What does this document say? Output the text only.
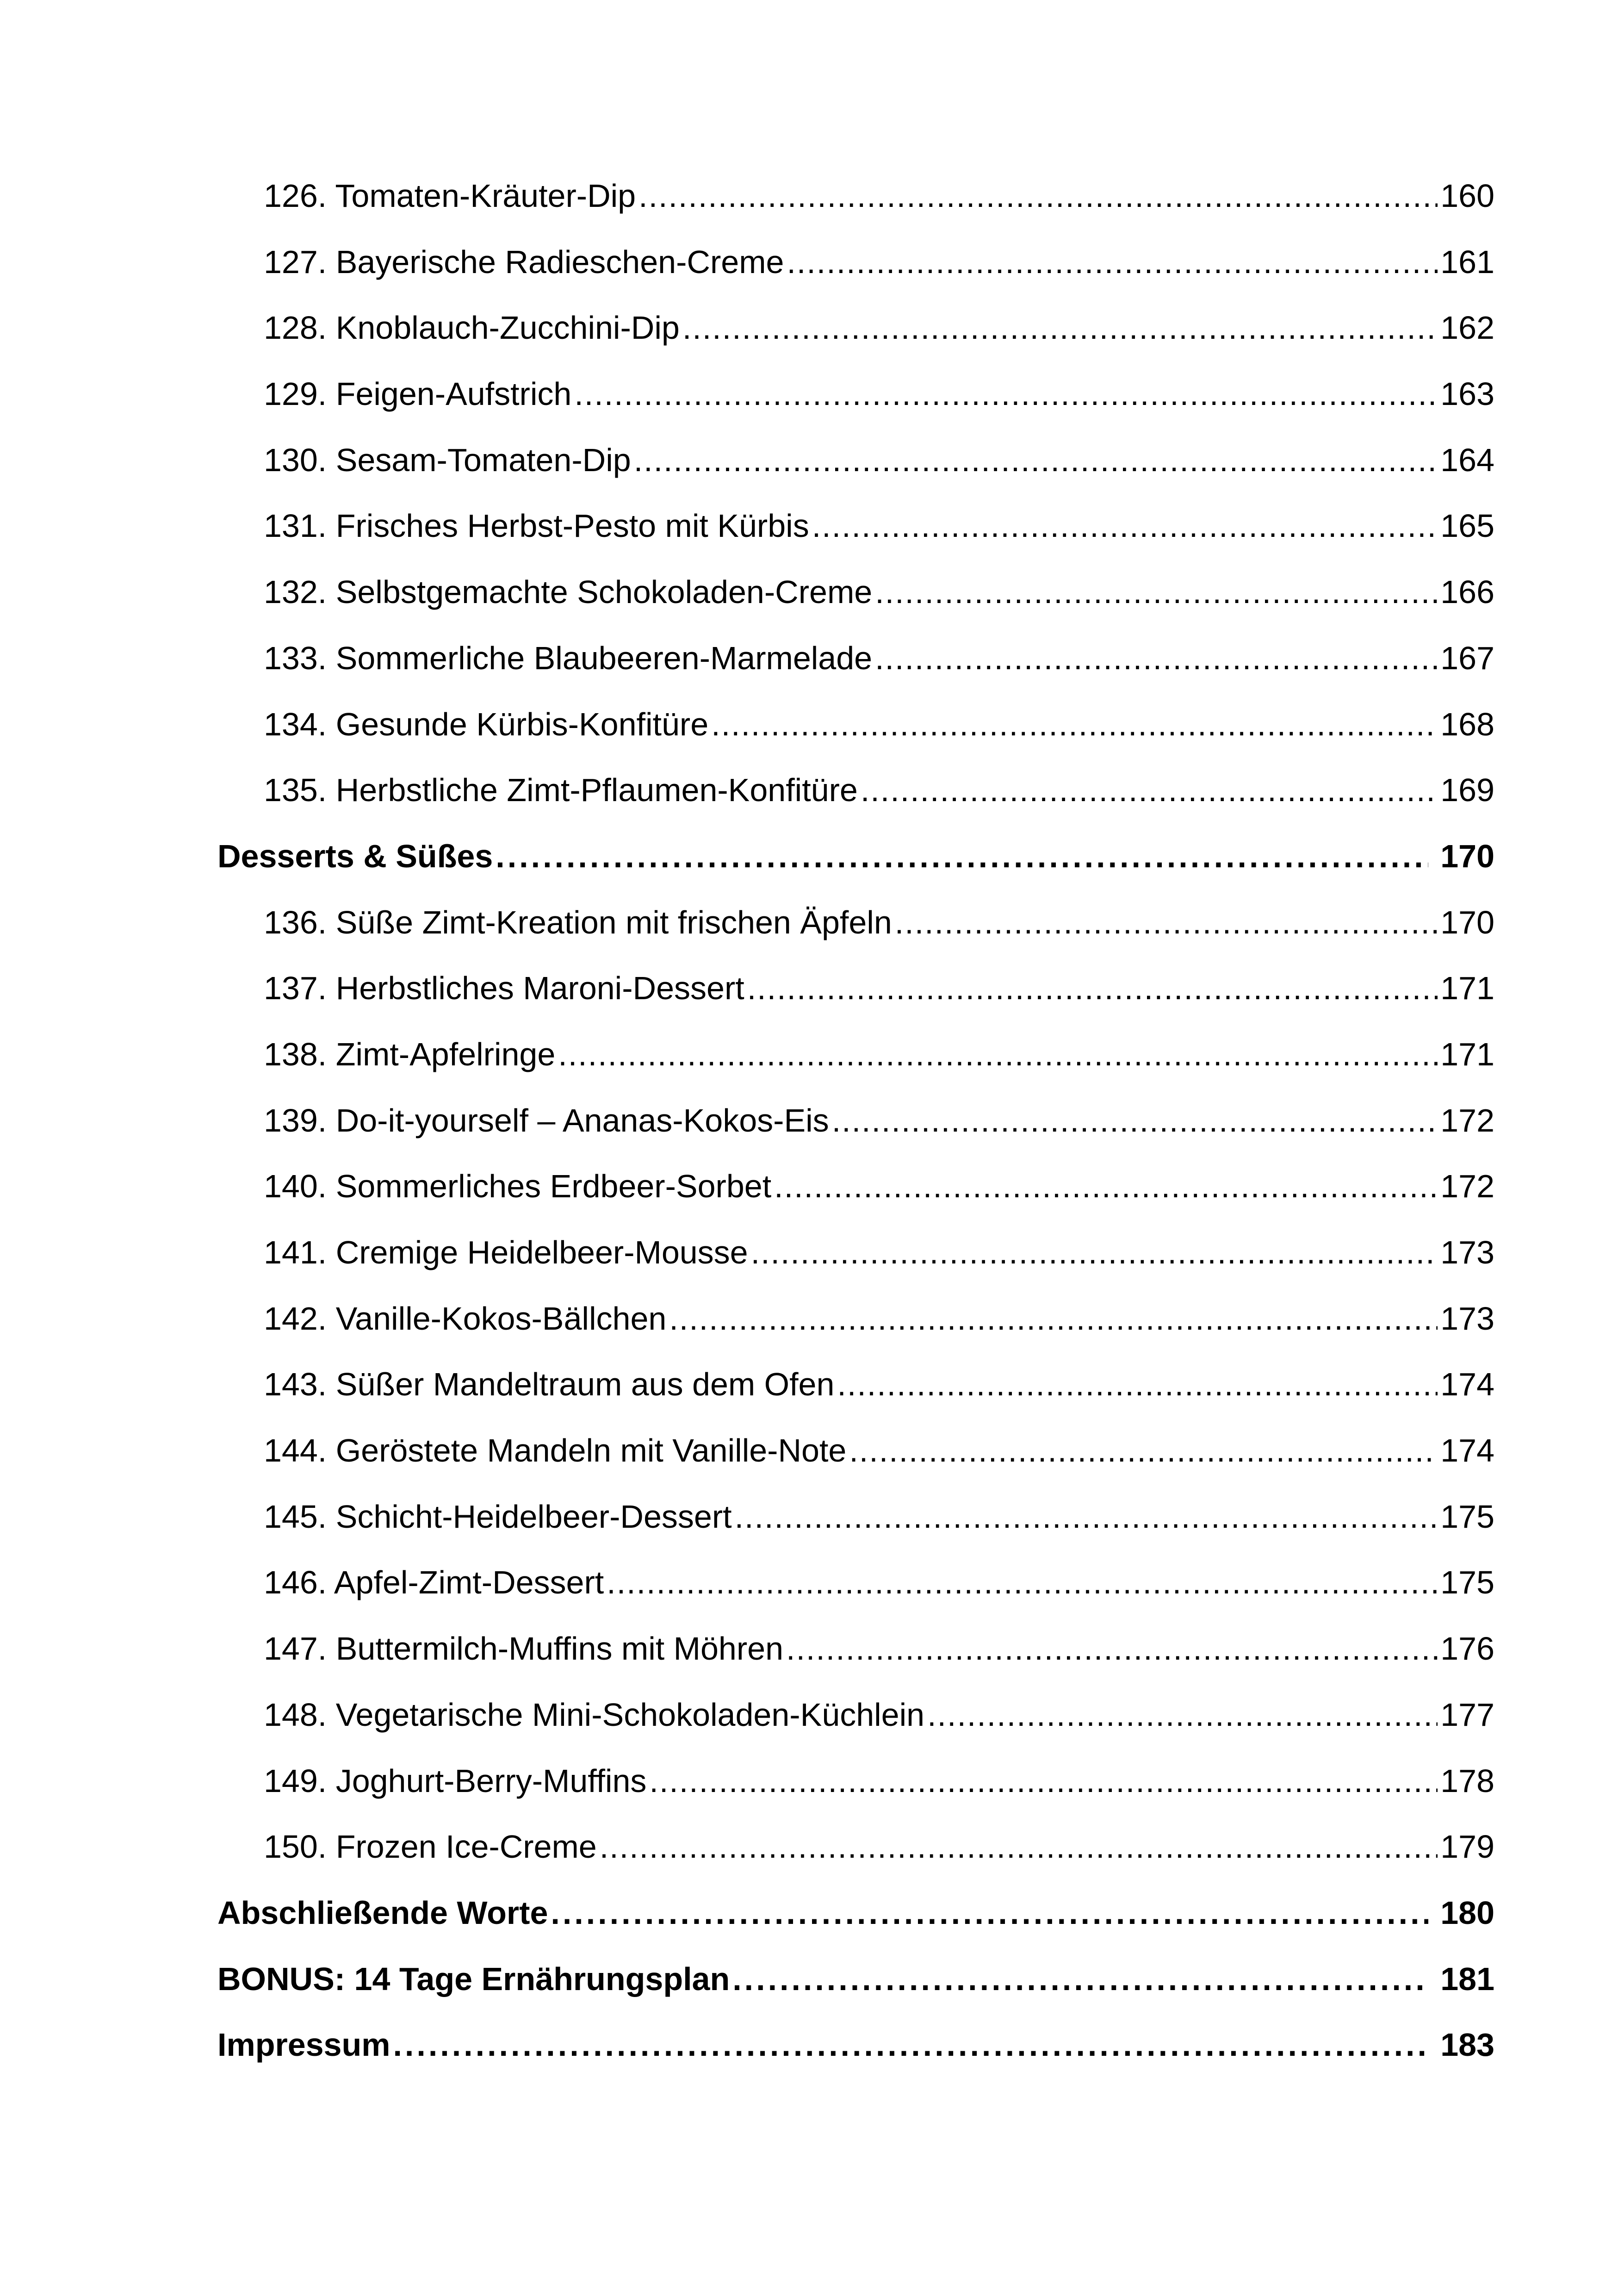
126. Tomaten-Kräuter-Dip .....	160
127. Bayerische Radieschen-Creme .....	161
128. Knoblauch-Zucchini-Dip .....	162
129. Feigen-Aufstrich .....	163
130. Sesam-Tomaten-Dip .....	164
131. Frisches Herbst-Pesto mit Kürbis .....	165
132. Selbstgemachte Schokoladen-Creme .....	166
133. Sommerliche Blaubeeren-Marmelade .....	167
134. Gesunde Kürbis-Konfitüre .....	168
135. Herbstliche Zimt-Pflaumen-Konfitüre .....	169
Desserts & Süßes .....	170
136. Süße Zimt-Kreation mit frischen Äpfeln .....	170
137. Herbstliches Maroni-Dessert .....	171
138. Zimt-Apfelringe .....	171
139. Do-it-yourself – Ananas-Kokos-Eis .....	172
140. Sommerliches Erdbeer-Sorbet .....	172
141. Cremige Heidelbeer-Mousse .....	173
142. Vanille-Kokos-Bällchen .....	173
143. Süßer Mandeltraum aus dem Ofen .....	174
144. Geröstete Mandeln mit Vanille-Note .....	174
145. Schicht-Heidelbeer-Dessert .....	175
146. Apfel-Zimt-Dessert .....	175
147. Buttermilch-Muffins mit Möhren .....	176
148. Vegetarische Mini-Schokoladen-Küchlein .....	177
149. Joghurt-Berry-Muffins .....	178
150. Frozen Ice-Creme .....	179
Abschließende Worte .....	180
BONUS: 14 Tage Ernährungsplan .....	181
Impressum .....	183
